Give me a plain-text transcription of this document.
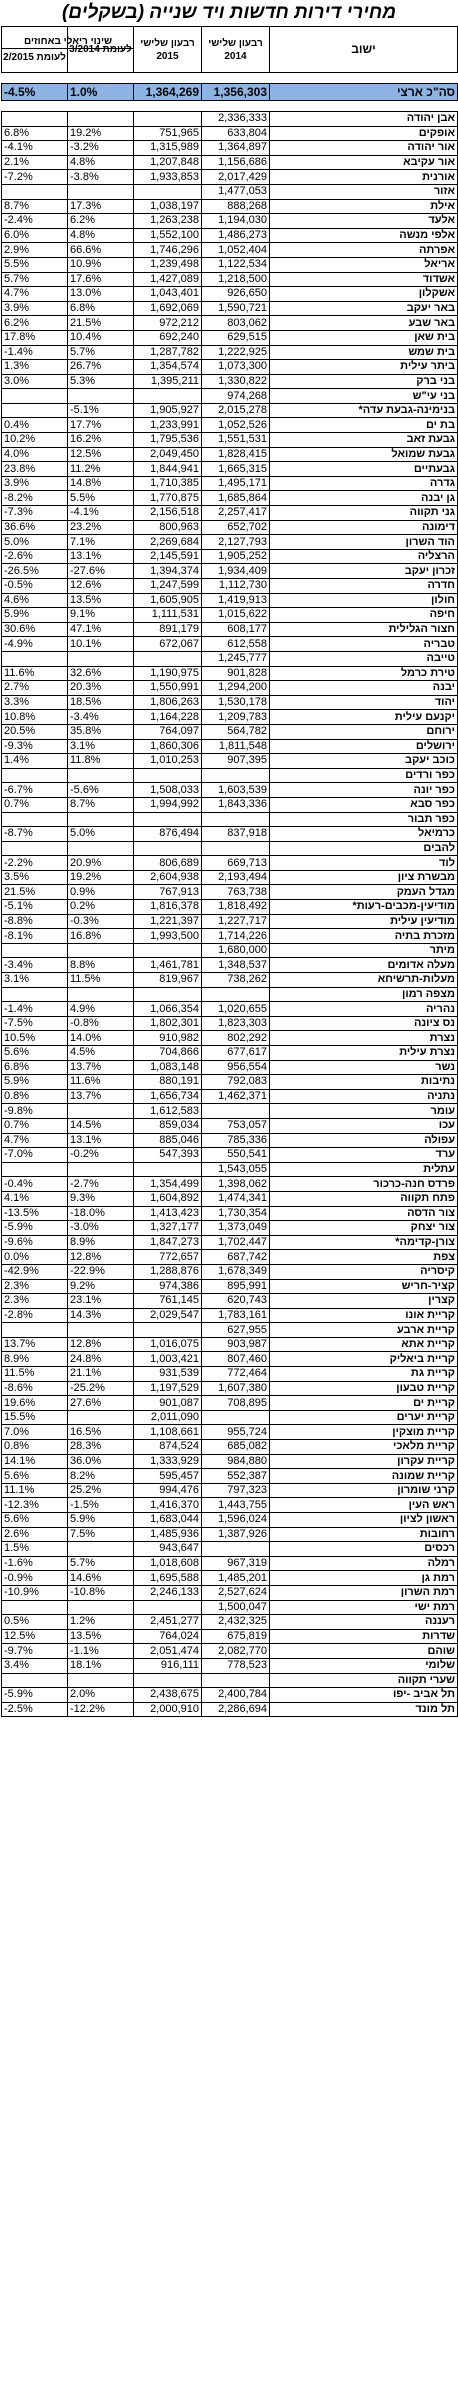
מחירי דירות חדשות ויד שנייה (בשקלים)
שינוי ריאלי באחוזים
לעומת 2/2015	לעומת 3/2014	רבעון שלישי 2015	רבעון שלישי 2014	ישוב

-4.5%	1.0%	1,364,269	1,356,303	סה"כ ארצי

			2,336,333	אבן יהודה
6.8%	19.2%	751,965	633,804	אופקים
-4.1%	-3.2%	1,315,989	1,364,897	אור יהודה
2.1%	4.8%	1,207,848	1,156,686	אור עקיבא
-7.2%	-3.8%	1,933,853	2,017,429	אורנית
			1,477,053	אזור
8.7%	17.3%	1,038,197	888,268	אילת
-2.4%	6.2%	1,263,238	1,194,030	אלעד
6.0%	4.8%	1,552,100	1,486,273	אלפי מנשה
2.9%	66.6%	1,746,296	1,052,404	אפרתה
5.5%	10.9%	1,239,498	1,122,534	אריאל
5.7%	17.6%	1,427,089	1,218,500	אשדוד
4.7%	13.0%	1,043,401	926,650	אשקלון
3.9%	6.8%	1,692,069	1,590,721	באר יעקב
6.2%	21.5%	972,212	803,062	באר שבע
17.8%	10.4%	692,240	629,515	בית שאן
-1.4%	5.7%	1,287,782	1,222,925	בית שמש
1.3%	26.7%	1,354,574	1,073,300	ביתר עילית
3.0%	5.3%	1,395,211	1,330,822	בני ברק
			974,268	בני עי"ש
	-5.1%	1,905,927	2,015,278	בנימינה-גבעת עדה*
0.4%	17.7%	1,233,991	1,052,526	בת ים
10.2%	16.2%	1,795,536	1,551,531	גבעת זאב
4.0%	12.5%	2,049,450	1,828,415	גבעת שמואל
23.8%	11.2%	1,844,941	1,665,315	גבעתיים
3.9%	14.8%	1,710,385	1,495,171	גדרה
-8.2%	5.5%	1,770,875	1,685,864	גן יבנה
-7.3%	-4.1%	2,156,518	2,257,417	גני תקווה
36.6%	23.2%	800,963	652,702	דימונה
5.0%	7.1%	2,269,684	2,127,793	הוד השרון
-2.6%	13.1%	2,145,591	1,905,252	הרצליה
-26.5%	-27.6%	1,394,374	1,934,409	זכרון יעקב
-0.5%	12.6%	1,247,599	1,112,730	חדרה
4.6%	13.5%	1,605,905	1,419,913	חולון
5.9%	9.1%	1,111,531	1,015,622	חיפה
30.6%	47.1%	891,179	608,177	חצור הגלילית
-4.9%	10.1%	672,067	612,558	טבריה
			1,245,777	טייבה
11.6%	32.6%	1,190,975	901,828	טירת כרמל
2.7%	20.3%	1,550,991	1,294,200	יבנה
3.3%	18.5%	1,806,263	1,530,178	יהוד
10.8%	-3.4%	1,164,228	1,209,783	יקנעם עילית
20.5%	35.8%	764,097	564,782	ירוחם
-9.3%	3.1%	1,860,306	1,811,548	ירושלים
1.4%	11.8%	1,010,253	907,395	כוכב יעקב
				כפר ורדים
-6.7%	-5.6%	1,508,033	1,603,539	כפר יונה
0.7%	8.7%	1,994,992	1,843,336	כפר סבא
				כפר תבור
-8.7%	5.0%	876,494	837,918	כרמיאל
				להבים
-2.2%	20.9%	806,689	669,713	לוד
3.5%	19.2%	2,604,938	2,193,494	מבשרת ציון
21.5%	0.9%	767,913	763,738	מגדל העמק
-5.1%	0.2%	1,816,378	1,818,492	מודיעין-מכבים-רעות*
-8.8%	-0.3%	1,221,397	1,227,717	מודיעין עילית
-8.1%	16.8%	1,993,500	1,714,226	מזכרת בתיה
			1,680,000	מיתר
-3.4%	8.8%	1,461,781	1,348,537	מעלה אדומים
3.1%	11.5%	819,967	738,262	מעלות-תרשיחא
				מצפה רמון
-1.4%	4.9%	1,066,354	1,020,655	נהריה
-7.5%	-0.8%	1,802,301	1,823,303	נס ציונה
10.5%	14.0%	910,982	802,292	נצרת
5.6%	4.5%	704,866	677,617	נצרת עילית
6.8%	13.7%	1,083,148	956,554	נשר
5.9%	11.6%	880,191	792,083	נתיבות
0.8%	13.7%	1,656,734	1,462,371	נתניה
-9.8%		1,612,583		עומר
0.7%	14.5%	859,034	753,057	עכו
4.7%	13.1%	885,046	785,336	עפולה
-7.0%	-0.2%	547,393	550,541	ערד
			1,543,055	עתלית
-0.4%	-2.7%	1,354,499	1,398,062	פרדס חנה-כרכור
4.1%	9.3%	1,604,892	1,474,341	פתח תקווה
-13.5%	-18.0%	1,413,423	1,730,354	צור הדסה
-5.9%	-3.0%	1,327,177	1,373,049	צור יצחק
-9.6%	8.9%	1,847,273	1,702,447	צורן-קדימה*
0.0%	12.8%	772,657	687,742	צפת
-42.9%	-22.9%	1,288,876	1,678,349	קיסריה
2.3%	9.2%	974,386	895,991	קציר-חריש
2.3%	23.1%	761,145	620,743	קצרין
-2.8%	14.3%	2,029,547	1,783,161	קריית אונו
			627,955	קריית ארבע
13.7%	12.8%	1,016,075	903,987	קריית אתא
8.9%	24.8%	1,003,421	807,460	קריית ביאליק
11.5%	21.1%	931,539	772,464	קריית גת
-8.6%	-25.2%	1,197,529	1,607,380	קריית טבעון
19.6%	27.6%	901,087	708,895	קריית ים
15.5%		2,011,090		קריית יערים
7.0%	16.5%	1,108,661	955,724	קריית מוצקין
0.8%	28.3%	874,524	685,082	קריית מלאכי
14.1%	36.0%	1,333,929	984,880	קריית עקרון
5.6%	8.2%	595,457	552,387	קריית שמונה
11.1%	25.2%	994,476	797,323	קרני שומרון
-12.3%	-1.5%	1,416,370	1,443,755	ראש העין
5.6%	5.9%	1,683,044	1,596,024	ראשון לציון
2.6%	7.5%	1,485,936	1,387,926	רחובות
1.5%		943,647		רכסים
-1.6%	5.7%	1,018,608	967,319	רמלה
-0.9%	14.6%	1,695,588	1,485,201	רמת גן
-10.9%	-10.8%	2,246,133	2,527,624	רמת השרון
			1,500,047	רמת ישי
0.5%	1.2%	2,451,277	2,432,325	רעננה
12.5%	13.5%	764,024	675,819	שדרות
-9.7%	-1.1%	2,051,474	2,082,770	שוהם
3.4%	18.1%	916,111	778,523	שלומי
				שערי תקווה
-5.9%	2.0%	2,438,675	2,400,784	תל אביב -יפו
-2.5%	-12.2%	2,000,910	2,286,694	תל מונד
